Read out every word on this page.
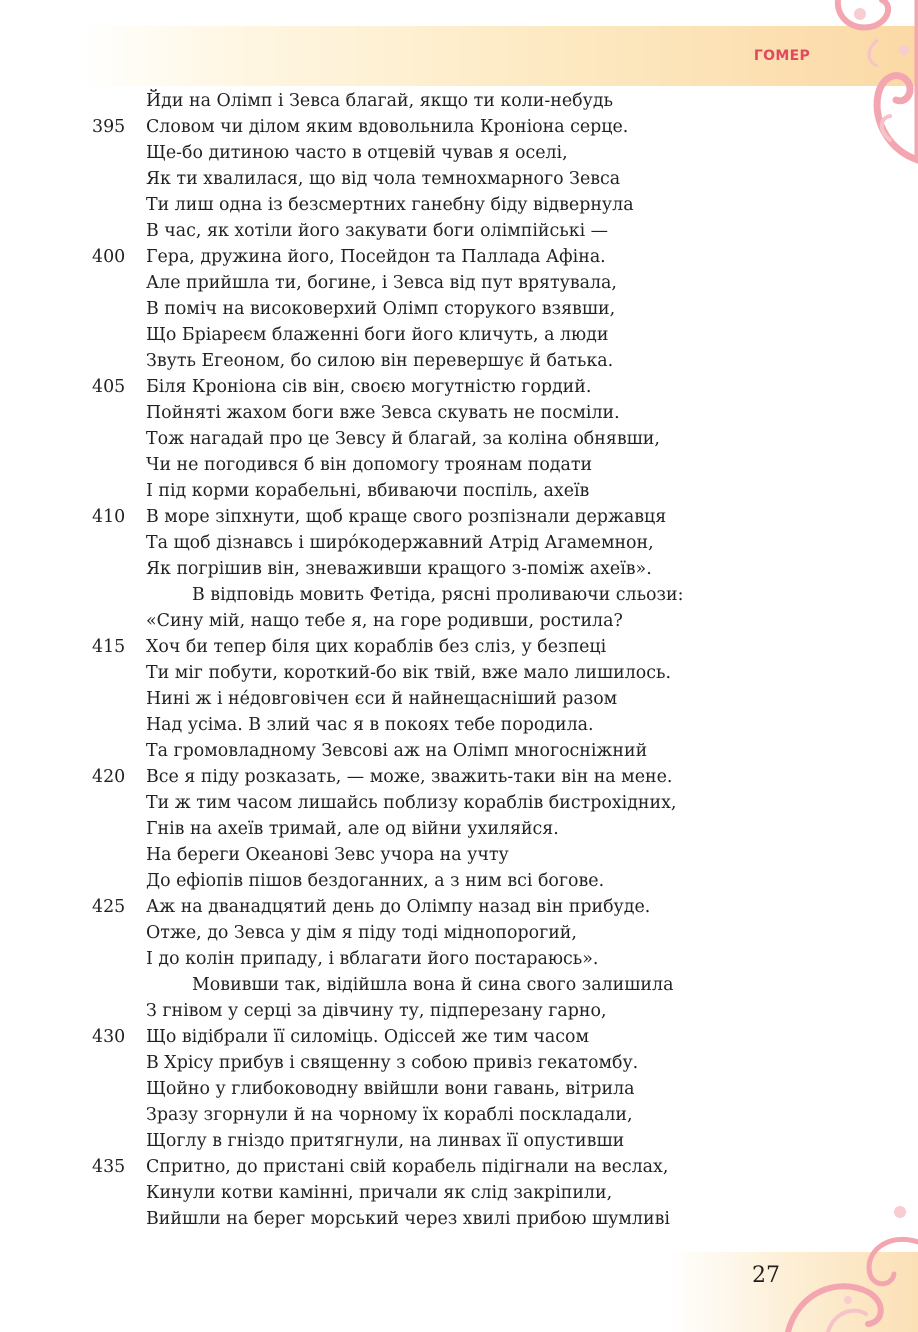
ГОМЕР
Йди на Олімп і Зевса благай, якщо ти коли-небудь
395 Словом чи ділом яким вдовольнила Кроніона серце.
Ще-бо дитиною часто в отцевій чував я оселі,
Як ти хвалилася, що від чола темнохмарного Зевса
Ти лиш одна із безсмертних ганебну біду відвернула
В час, як хотіли його закувати боги олімпійські —
400 Гера, дружина його, Посейдон та Паллада Афіна.
Але прийшла ти, богине, і Зевса від пут врятувала,
В поміч на високоверхий Олімп сторукого взявши,
Що Бріареєм блаженні боги його кличуть, а люди
Звуть Егеоном, бо силою він перевершує й батька.
405 Біля Кроніона сів він, своєю могутністю гордий.
Пойняті жахом боги вже Зевса скувать не посміли.
Тож нагадай про це Зевсу й благай, за коліна обнявши,
Чи не погодився б він допомогу троянам подати
І під корми корабельні, вбиваючи поспіль, ахеїв
410 В море зіпхнути, щоб краще свого розпізнали державця
Та щоб дізнавсь і широ́кодержавний Атрід Агамемнон,
Як погрішив він, зневаживши кращого з-поміж ахеїв».
В відповідь мовить Фетіда, рясні проливаючи сльози:
«Сину мій, нащо тебе я, на горе родивши, ростила?
415 Хоч би тепер біля цих кораблів без сліз, у безпеці
Ти міг побути, короткий-бо вік твій, вже мало лишилось.
Нині ж і не́довговічен єси й найнещасніший разом
Над усіма. В злий час я в покоях тебе породила.
Та громовладному Зевсові аж на Олімп многосніжний
420 Все я піду розказать, — може, зважить-таки він на мене.
Ти ж тим часом лишайсь поблизу кораблів бистрохідних,
Гнів на ахеїв тримай, але од війни ухиляйся.
На береги Океанові Зевс учора на учту
До ефіопів пішов бездоганних, а з ним всі богове.
425 Аж на дванадцятий день до Олімпу назад він прибуде.
Отже, до Зевса у дім я піду тоді міднопорогий,
І до колін припаду, і вблагати його постараюсь».
Мовивши так, відійшла вона й сина свого залишила
З гнівом у серці за дівчину ту, підперезану гарно,
430 Що відібрали її силоміць. Одіссей же тим часом
В Хрісу прибув і священну з собою привіз гекатомбу.
Щойно у глибоководну ввійшли вони гавань, вітрила
Зразу згорнули й на чорному їх кораблі поскладали,
Щоглу в гніздо притягнули, на линвах її опустивши
435 Спритно, до пристані свій корабель підігнали на веслах,
Кинули котви камінні, причали як слід закріпили,
Вийшли на берег морський через хвилі прибою шумливі
27
